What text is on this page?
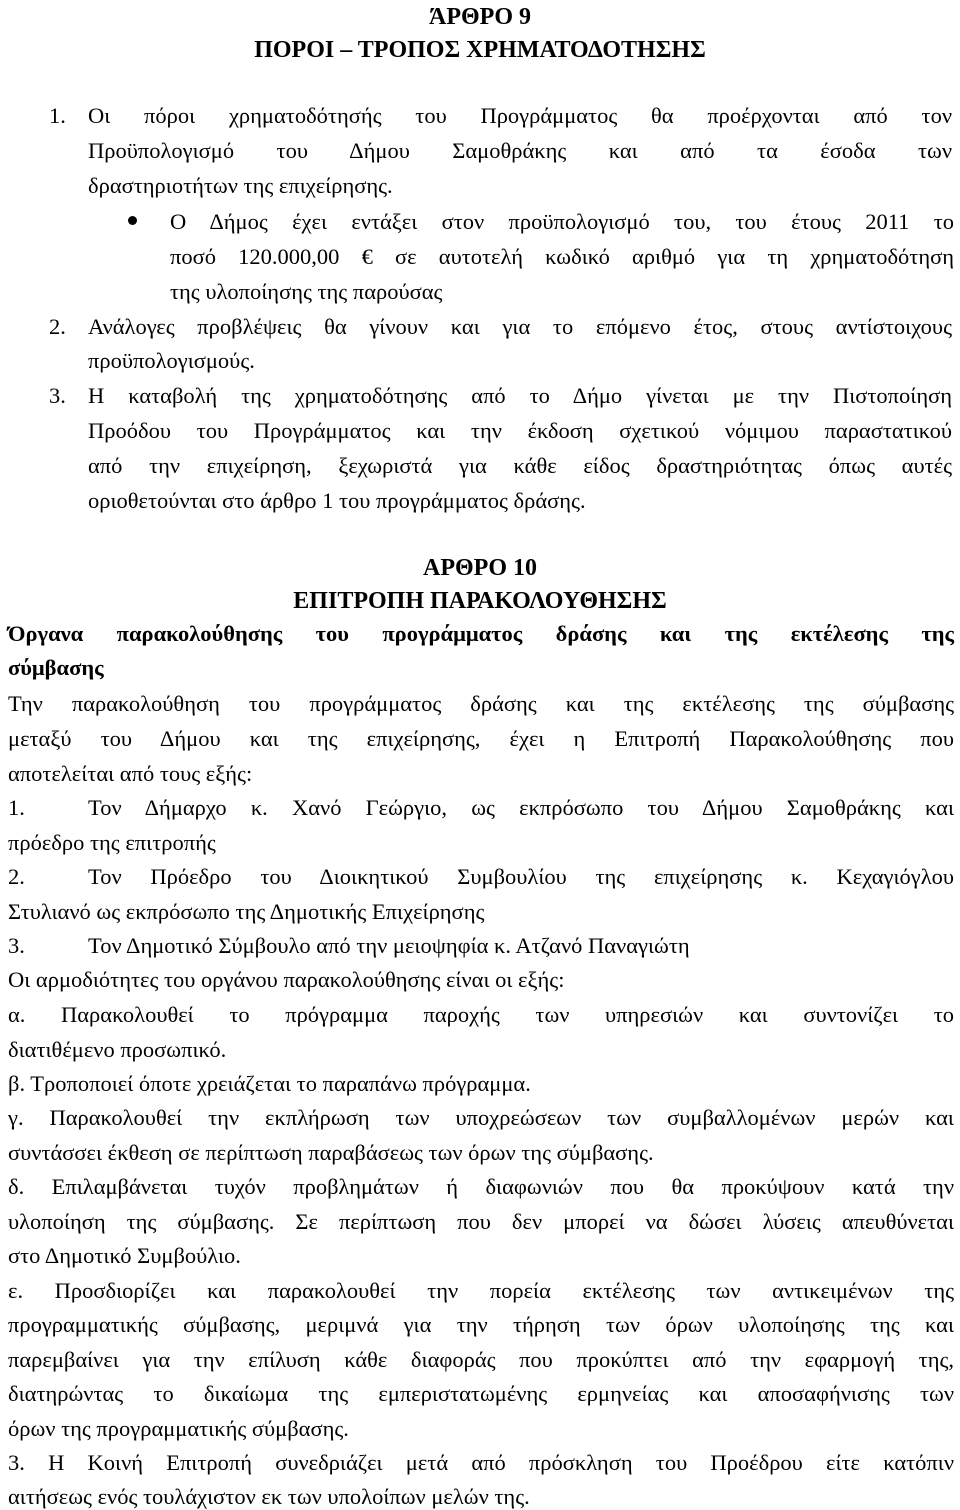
ΆΡΘΡΟ 9
ΠΟΡΟΙ – ΤΡΟΠΟΣ ΧΡΗΜΑΤΟΔΟΤΗΣΗΣ
1. Οι πόροι χρηματοδότησής του Προγράμματος θα προέρχονται από τον
Προϋπολογισμό του Δήμου Σαμοθράκης και από τα έσοδα των
δραστηριοτήτων της επιχείρησης.
Ο Δήμος έχει εντάξει στον προϋπολογισμό του, του έτους 2011 το
ποσό 120.000,00 € σε αυτοτελή κωδικό αριθμό για τη χρηματοδότηση
της υλοποίησης της παρούσας
2. Ανάλογες προβλέψεις θα γίνουν και για το επόμενο έτος, στους αντίστοιχους
προϋπολογισμούς.
3. Η καταβολή της χρηματοδότησης από το Δήμο γίνεται με την Πιστοποίηση
Προόδου του Προγράμματος και την έκδοση σχετικού νόμιμου παραστατικού
από την επιχείρηση, ξεχωριστά για κάθε είδος δραστηριότητας όπως αυτές
οριοθετούνται στο άρθρο 1 του προγράμματος δράσης.
ΑΡΘΡΟ 10
ΕΠΙΤΡΟΠΗ ΠΑΡΑΚΟΛΟΥΘΗΣΗΣ
Όργανα παρακολούθησης του προγράμματος δράσης και της εκτέλεσης της
σύμβασης
Την παρακολούθηση του προγράμματος δράσης και της εκτέλεσης της σύμβασης
μεταξύ του Δήμου και της επιχείρησης, έχει η Επιτροπή Παρακολούθησης που
αποτελείται από τους εξής:
1.	Τον Δήμαρχο κ. Χανό Γεώργιο, ως εκπρόσωπο του Δήμου Σαμοθράκης και
πρόεδρο της επιτροπής
2.	Τον Πρόεδρο του Διοικητικού Συμβουλίου της επιχείρησης κ. Κεχαγιόγλου
Στυλιανό ως εκπρόσωπο της Δημοτικής Επιχείρησης
3.	Τον Δημοτικό Σύμβουλο από την μειοψηφία κ. Ατζανό Παναγιώτη
Οι αρμοδιότητες του οργάνου παρακολούθησης είναι οι εξής:
α. Παρακολουθεί το πρόγραμμα παροχής των υπηρεσιών και συντονίζει το
διατιθέμενο προσωπικό.
β. Τροποποιεί όποτε χρειάζεται το παραπάνω πρόγραμμα.
γ. Παρακολουθεί την εκπλήρωση των υποχρεώσεων των συμβαλλομένων μερών και
συντάσσει έκθεση σε περίπτωση παραβάσεως των όρων της σύμβασης.
δ. Επιλαμβάνεται τυχόν προβλημάτων ή διαφωνιών που θα προκύψουν κατά την
υλοποίηση της σύμβασης. Σε περίπτωση που δεν μπορεί να δώσει λύσεις απευθύνεται
στο Δημοτικό Συμβούλιο.
ε. Προσδιορίζει και παρακολουθεί την πορεία εκτέλεσης των αντικειμένων της
προγραμματικής σύμβασης, μεριμνά για την τήρηση των όρων υλοποίησης της και
παρεμβαίνει για την επίλυση κάθε διαφοράς που προκύπτει από την εφαρμογή της,
διατηρώντας το δικαίωμα της εμπεριστατωμένης ερμηνείας και αποσαφήνισης των
όρων της προγραμματικής σύμβασης.
3. Η Κοινή Επιτροπή συνεδριάζει μετά από πρόσκληση του Προέδρου είτε κατόπιν
αιτήσεως ενός τουλάχιστον εκ των υπολοίπων μελών της.
